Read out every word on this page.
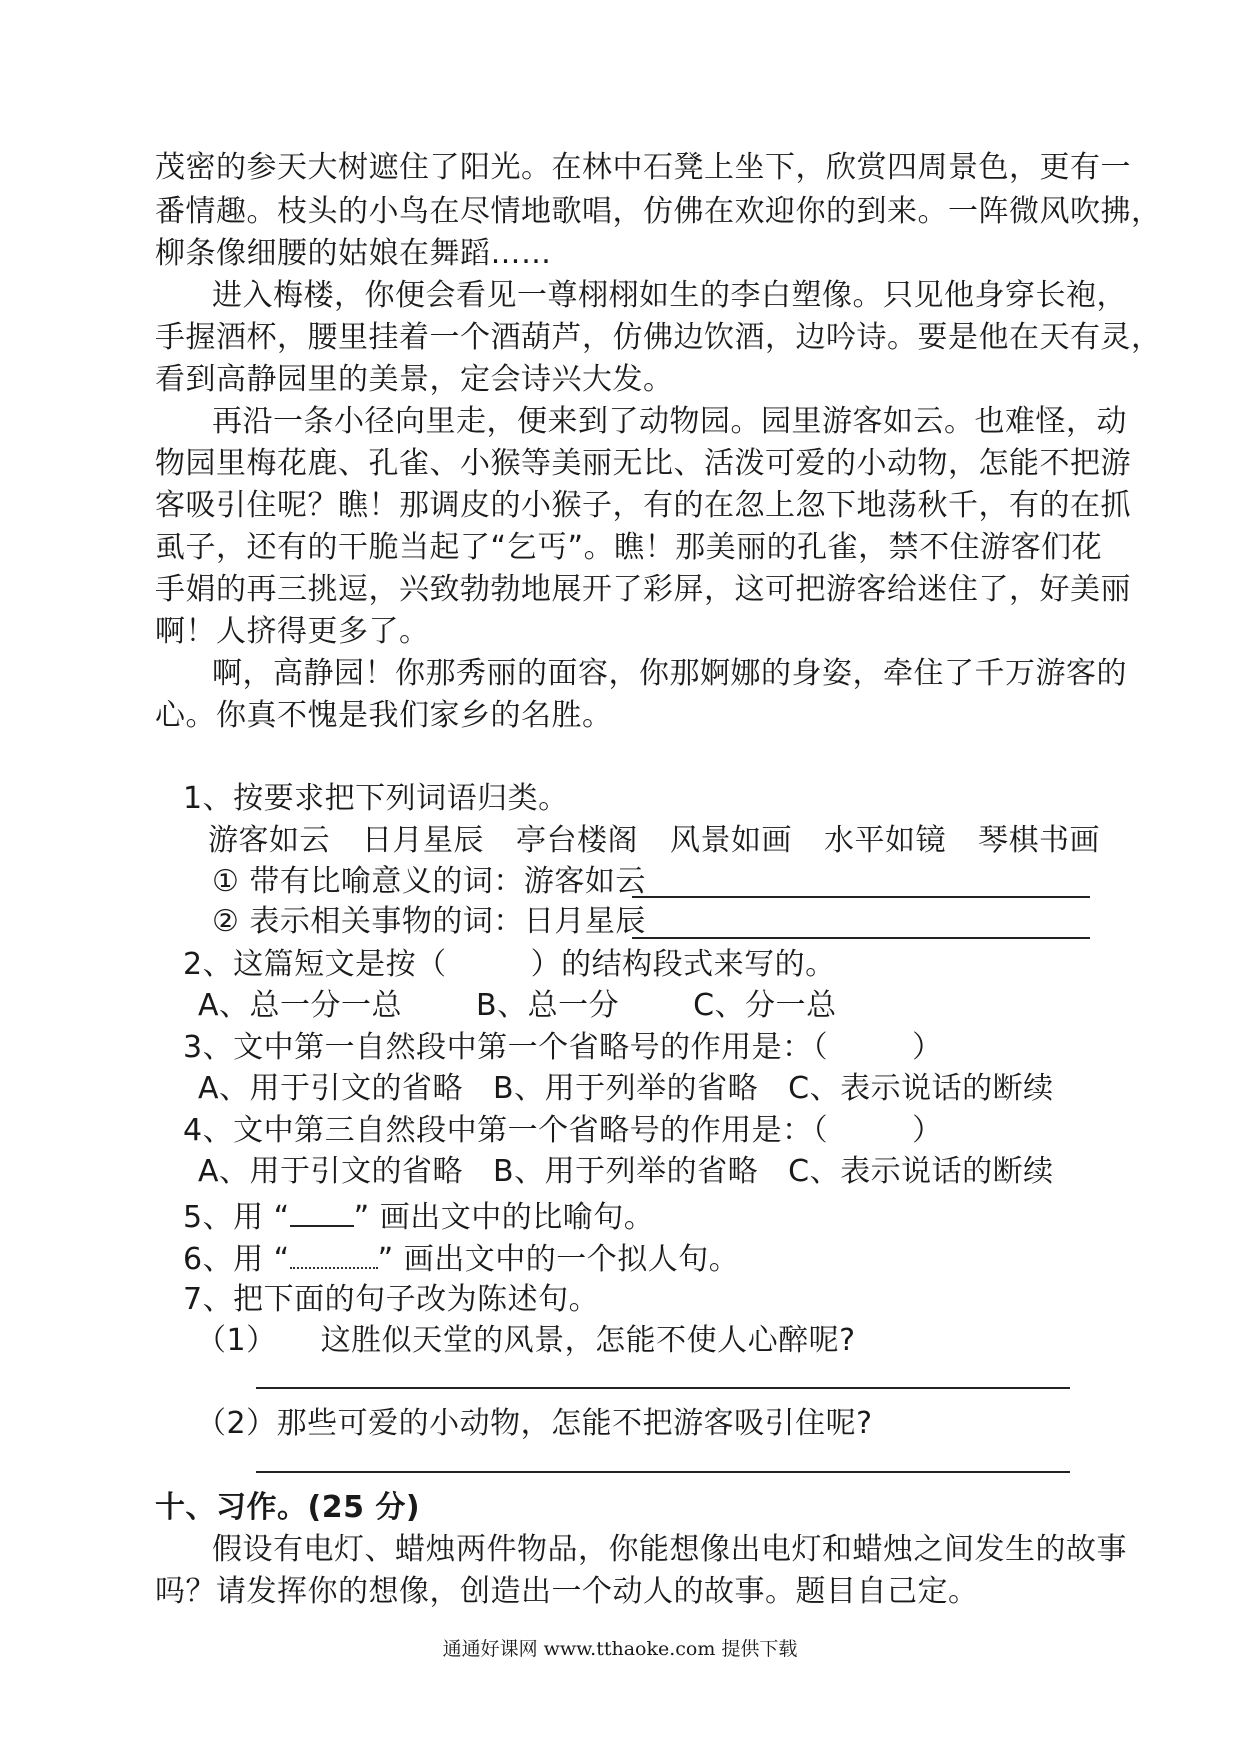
茂密的参天大树遮住了阳光。在林中石凳上坐下，欣赏四周景色，更有一
番情趣。枝头的小鸟在尽情地歌唱，仿佛在欢迎你的到来。一阵微风吹拂，
柳条像细腰的姑娘在舞蹈……
进入梅楼，你便会看见一尊栩栩如生的李白塑像。只见他身穿长袍，
手握酒杯，腰里挂着一个酒葫芦，仿佛边饮酒，边吟诗。要是他在天有灵，
看到高静园里的美景，定会诗兴大发。
再沿一条小径向里走，便来到了动物园。园里游客如云。也难怪，动
物园里梅花鹿、孔雀、小猴等美丽无比、活泼可爱的小动物，怎能不把游
客吸引住呢？瞧！那调皮的小猴子，有的在忽上忽下地荡秋千，有的在抓
虱子，还有的干脆当起了“乞丐”。瞧！那美丽的孔雀，禁不住游客们花
手娟的再三挑逗，兴致勃勃地展开了彩屏，这可把游客给迷住了，好美丽
啊！人挤得更多了。
啊，高静园！你那秀丽的面容，你那婀娜的身姿，牵住了千万游客的
心。你真不愧是我们家乡的名胜。
1、按要求把下列词语归类。
游客如云 日月星辰 亭台楼阁 风景如画 水平如镜 琴棋书画
① 带有比喻意义的词：游客如云
② 表示相关事物的词：日月星辰
2、这篇短文是按（	）的结构段式来写的。
A、总一分一总 B、总一分 C、分一总
3、文中第一自然段中第一个省略号的作用是：（	）
A、用于引文的省略 B、用于列举的省略 C、表示说话的断续
4、文中第三自然段中第一个省略号的作用是：（	）
A、用于引文的省略 B、用于列举的省略 C、表示说话的断续
5、用 “ ” 画出文中的比喻句。
6、用 “	” 画出文中的一个拟人句。
7、把下面的句子改为陈述句。
（1） 这胜似天堂的风景，怎能不使人心醉呢?
（2）那些可爱的小动物，怎能不把游客吸引住呢?
十、习作。(25 分)
假设有电灯、蜡烛两件物品，你能想像出电灯和蜡烛之间发生的故事
吗？请发挥你的想像，创造出一个动人的故事。题目自己定。
通通好课网 www.tthaoke.com 提供下载
